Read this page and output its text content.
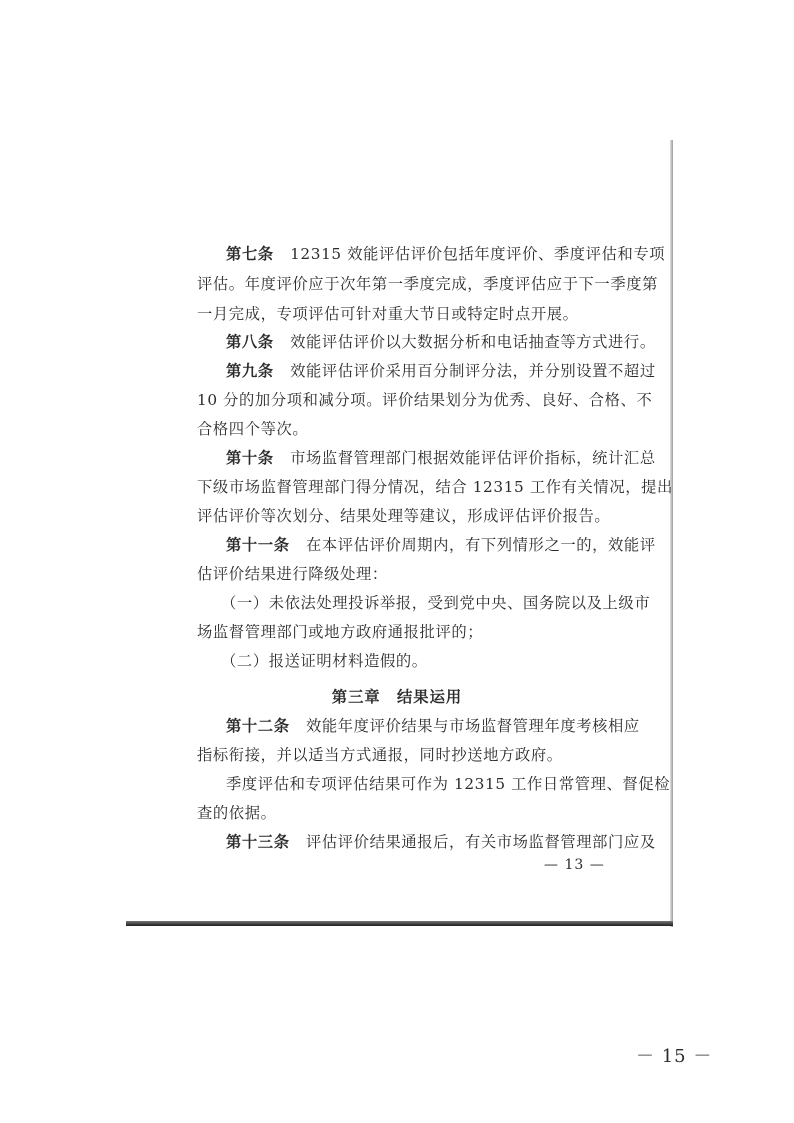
第七条 12315 效能评估评价包括年度评价、季度评估和专项
评估。年度评价应于次年第一季度完成，季度评估应于下一季度第
一月完成，专项评估可针对重大节日或特定时点开展。
第八条 效能评估评价以大数据分析和电话抽查等方式进行。
第九条 效能评估评价采用百分制评分法，并分别设置不超过
10 分的加分项和减分项。评价结果划分为优秀、良好、合格、不
合格四个等次。
第十条 市场监督管理部门根据效能评估评价指标，统计汇总
下级市场监督管理部门得分情况，结合 12315 工作有关情况，提出
评估评价等次划分、结果处理等建议，形成评估评价报告。
第十一条 在本评估评价周期内，有下列情形之一的，效能评
估评价结果进行降级处理：
（一）未依法处理投诉举报，受到党中央、国务院以及上级市
场监督管理部门或地方政府通报批评的；
（二）报送证明材料造假的。
第三章　结果运用
第十二条 效能年度评价结果与市场监督管理年度考核相应
指标衔接，并以适当方式通报，同时抄送地方政府。
季度评估和专项评估结果可作为 12315 工作日常管理、督促检
查的依据。
第十三条 评估评价结果通报后，有关市场监督管理部门应及
— 13 —
－ 15 －
